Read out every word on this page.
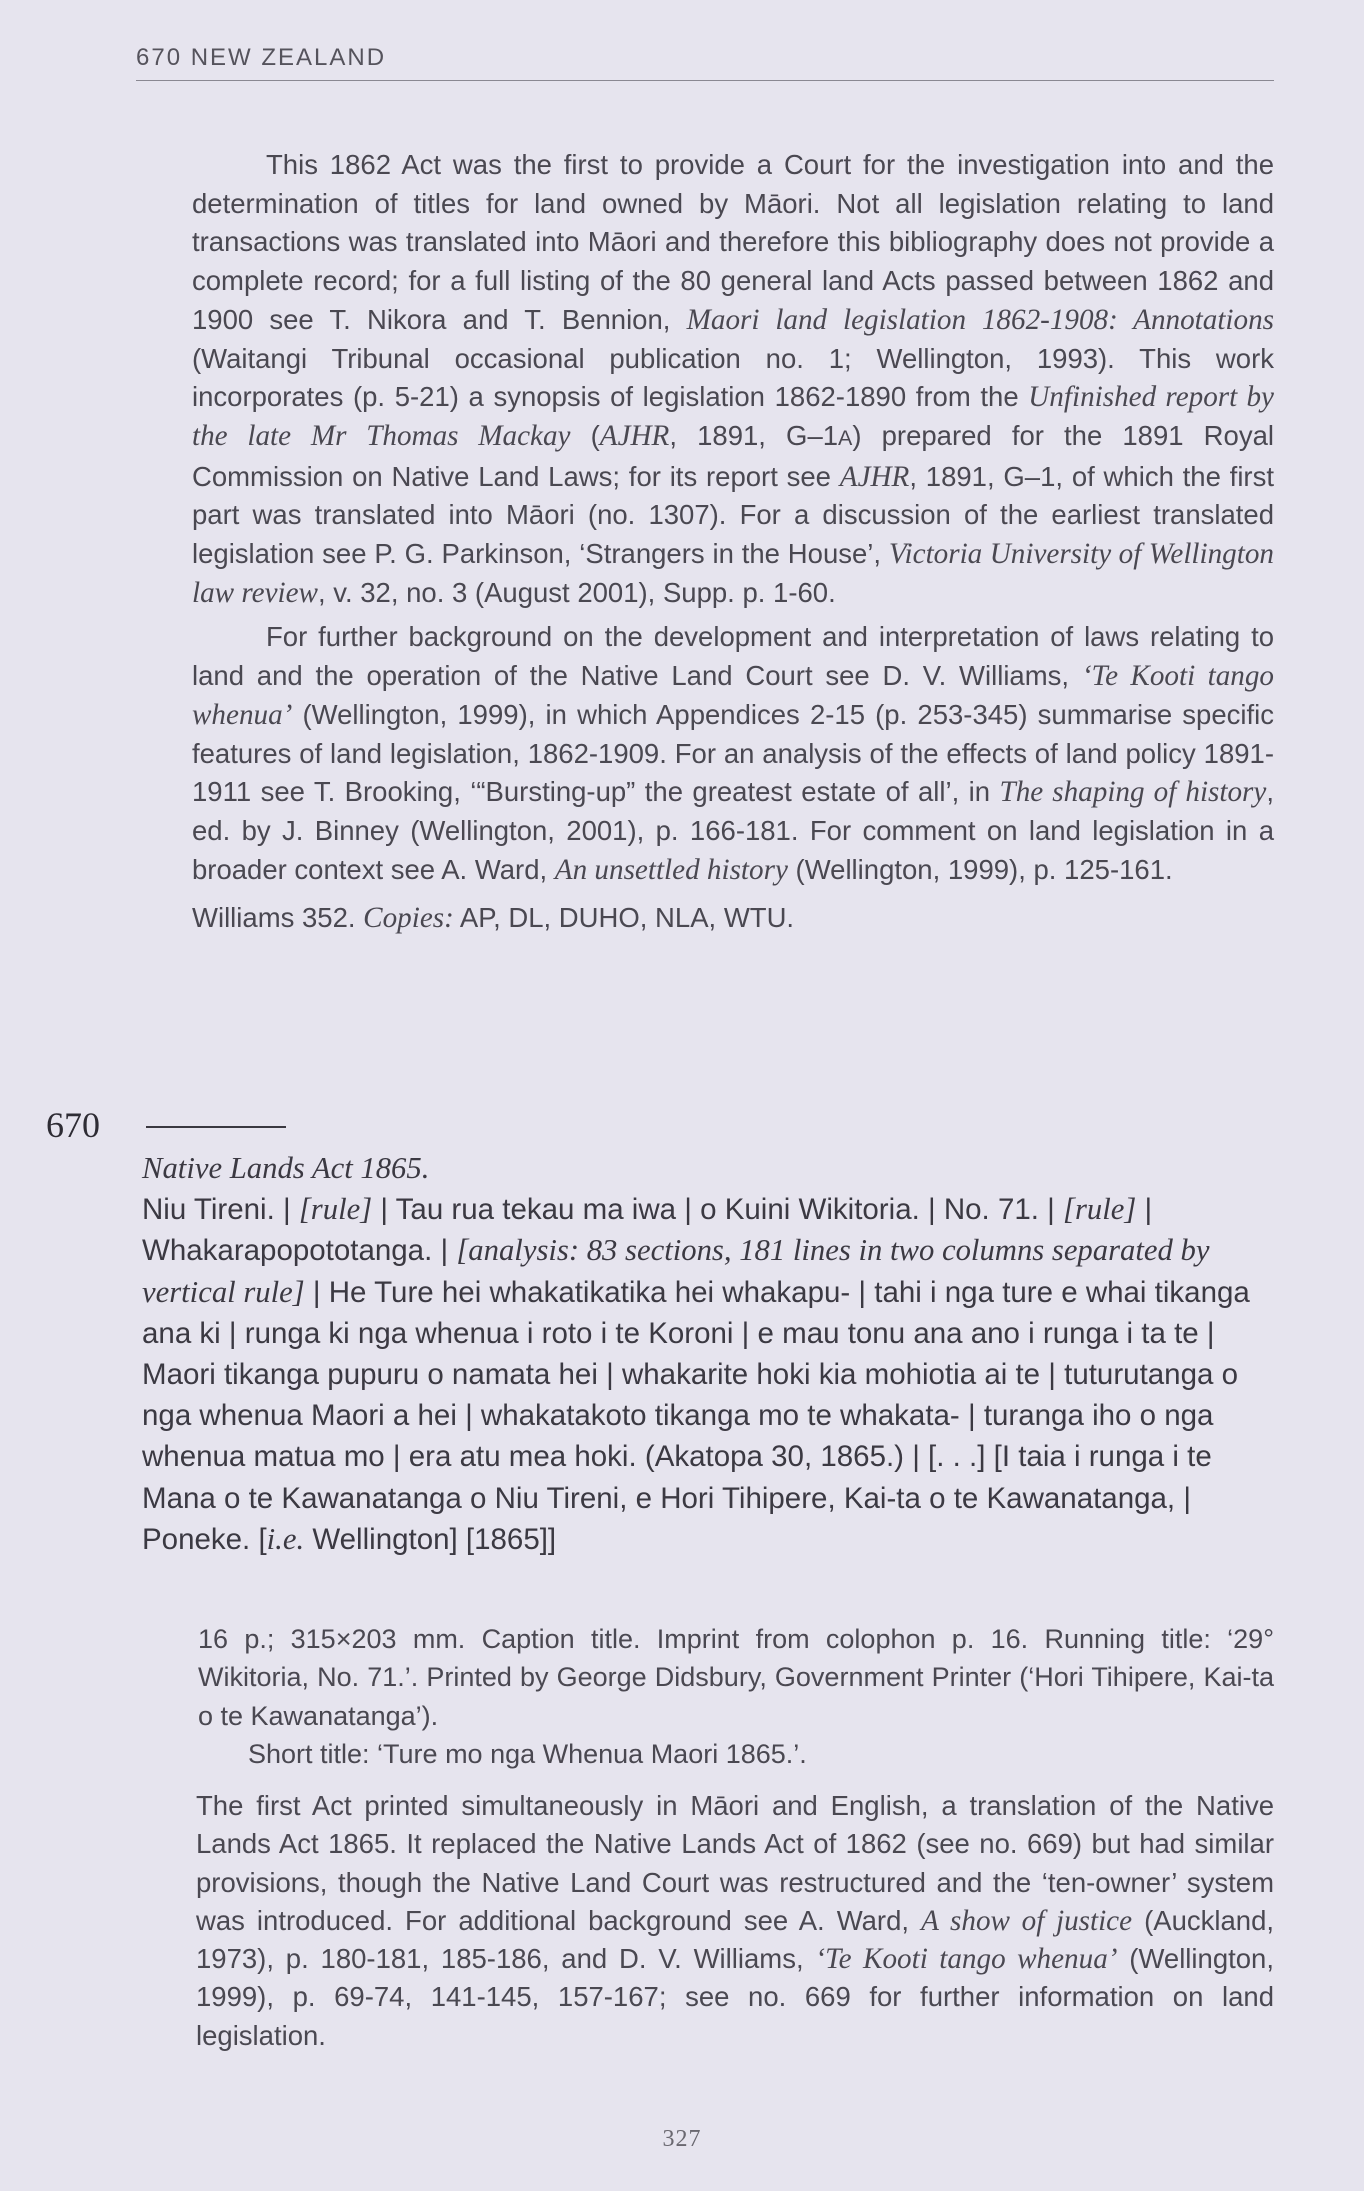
670 NEW ZEALAND

This 1862 Act was the first to provide a Court for the investigation into and the determination of titles for land owned by Māori. Not all legislation relating to land transactions was translated into Māori and therefore this bibliography does not provide a complete record; for a full listing of the 80 general land Acts passed between 1862 and 1900 see T. Nikora and T. Bennion, Maori land legislation 1862-1908: Annotations (Waitangi Tribunal occasional publication no. 1; Wellington, 1993). This work incorporates (p. 5-21) a synopsis of legislation 1862-1890 from the Unfinished report by the late Mr Thomas Mackay (AJHR, 1891, G–1A) prepared for the 1891 Royal Commission on Native Land Laws; for its report see AJHR, 1891, G–1, of which the first part was translated into Māori (no. 1307). For a discussion of the earliest translated legislation see P. G. Parkinson, ‘Strangers in the House’, Victoria University of Wellington law review, v. 32, no. 3 (August 2001), Supp. p. 1-60.

For further background on the development and interpretation of laws relating to land and the operation of the Native Land Court see D. V. Williams, ‘Te Kooti tango whenua’ (Wellington, 1999), in which Appendices 2-15 (p. 253-345) summarise specific features of land legislation, 1862-1909. For an analysis of the effects of land policy 1891-1911 see T. Brooking, ‘“Bursting-up” the greatest estate of all’, in The shaping of history, ed. by J. Binney (Wellington, 2001), p. 166-181. For comment on land legislation in a broader context see A. Ward, An unsettled history (Wellington, 1999), p. 125-161.

Williams 352. Copies: AP, DL, DUHO, NLA, WTU.

670

Native Lands Act 1865.

Niu Tireni. | [rule] | Tau rua tekau ma iwa | o Kuini Wikitoria. | No. 71. | [rule] | Whakarapopototanga. | [analysis: 83 sections, 181 lines in two columns separated by vertical rule] | He Ture hei whakatikatika hei whakapu- | tahi i nga ture e whai tikanga ana ki | runga ki nga whenua i roto i te Koroni | e mau tonu ana ano i runga i ta te | Maori tikanga pupuru o namata hei | whakarite hoki kia mohiotia ai te | tuturutanga o nga whenua Maori a hei | whakatakoto tikanga mo te whakata- | turanga iho o nga whenua matua mo | era atu mea hoki. (Akatopa 30, 1865.) | [. . .] [I taia i runga i te Mana o te Kawanatanga o Niu Tireni, e Hori Tihipere, Kai-ta o te Kawanatanga, | Poneke. [i.e. Wellington] [1865]]

16 p.; 315×203 mm. Caption title. Imprint from colophon p. 16. Running title: ‘29° Wikitoria, No. 71.’. Printed by George Didsbury, Government Printer (‘Hori Tihipere, Kai-ta o te Kawanatanga’).

Short title: ‘Ture mo nga Whenua Maori 1865.’.

The first Act printed simultaneously in Māori and English, a translation of the Native Lands Act 1865. It replaced the Native Lands Act of 1862 (see no. 669) but had similar provisions, though the Native Land Court was restructured and the ‘ten-owner’ system was introduced. For additional background see A. Ward, A show of justice (Auckland, 1973), p. 180-181, 185-186, and D. V. Williams, ‘Te Kooti tango whenua’ (Wellington, 1999), p. 69-74, 141-145, 157-167; see no. 669 for further information on land legislation.

327
